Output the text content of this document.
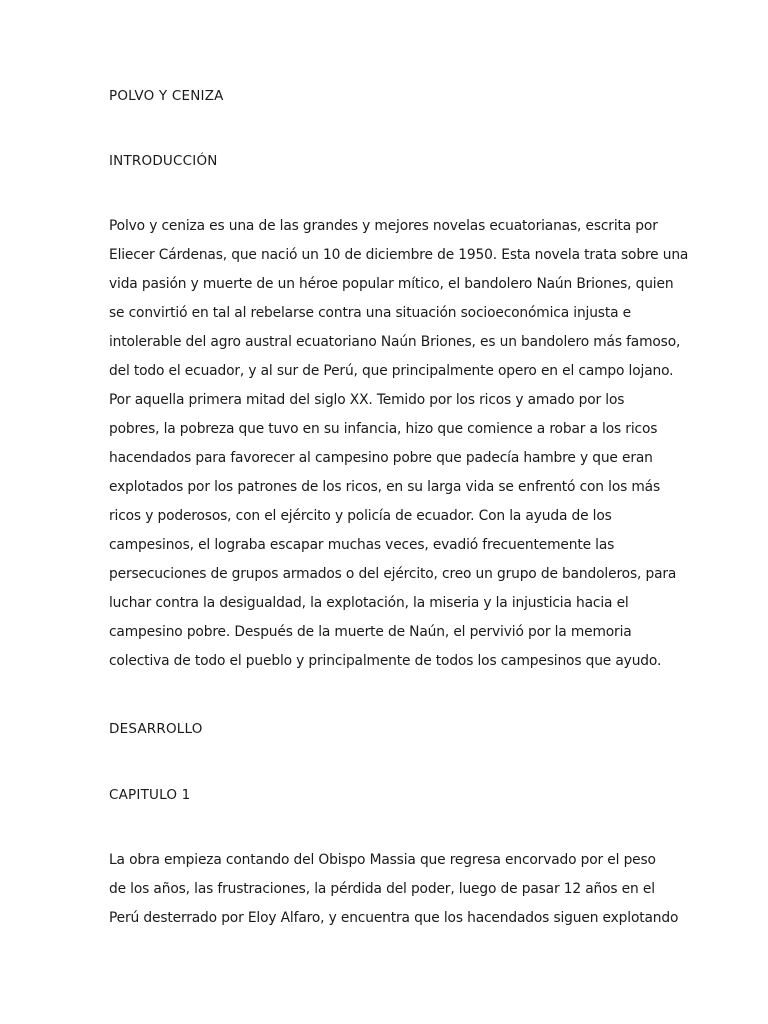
POLVO Y CENIZA
INTRODUCCIÓN
Polvo y ceniza es una de las grandes y mejores novelas ecuatorianas, escrita por
Eliecer Cárdenas, que nació un 10 de diciembre de 1950. Esta novela trata sobre una
vida pasión y muerte de un héroe popular mítico, el bandolero Naún Briones, quien
se convirtió en tal al rebelarse contra una situación socioeconómica injusta e
intolerable del agro austral ecuatoriano Naún Briones, es un bandolero más famoso,
del todo el ecuador, y al sur de Perú, que principalmente opero en el campo lojano.
Por aquella primera mitad del siglo XX. Temido por los ricos y amado por los
pobres, la pobreza que tuvo en su infancia, hizo que comience a robar a los ricos
hacendados para favorecer al campesino pobre que padecía hambre y que eran
explotados por los patrones de los ricos, en su larga vida se enfrentó con los más
ricos y poderosos, con el ejército y policía de ecuador. Con la ayuda de los
campesinos, el lograba escapar muchas veces, evadió frecuentemente las
persecuciones de grupos armados o del ejército, creo un grupo de bandoleros, para
luchar contra la desigualdad, la explotación, la miseria y la injusticia hacia el
campesino pobre. Después de la muerte de Naún, el pervivió por la memoria
colectiva de todo el pueblo y principalmente de todos los campesinos que ayudo.
DESARROLLO
CAPITULO 1
La obra empieza contando del Obispo Massia que regresa encorvado por el peso
de los años, las frustraciones, la pérdida del poder, luego de pasar 12 años en el
Perú desterrado por Eloy Alfaro, y encuentra que los hacendados siguen explotando
